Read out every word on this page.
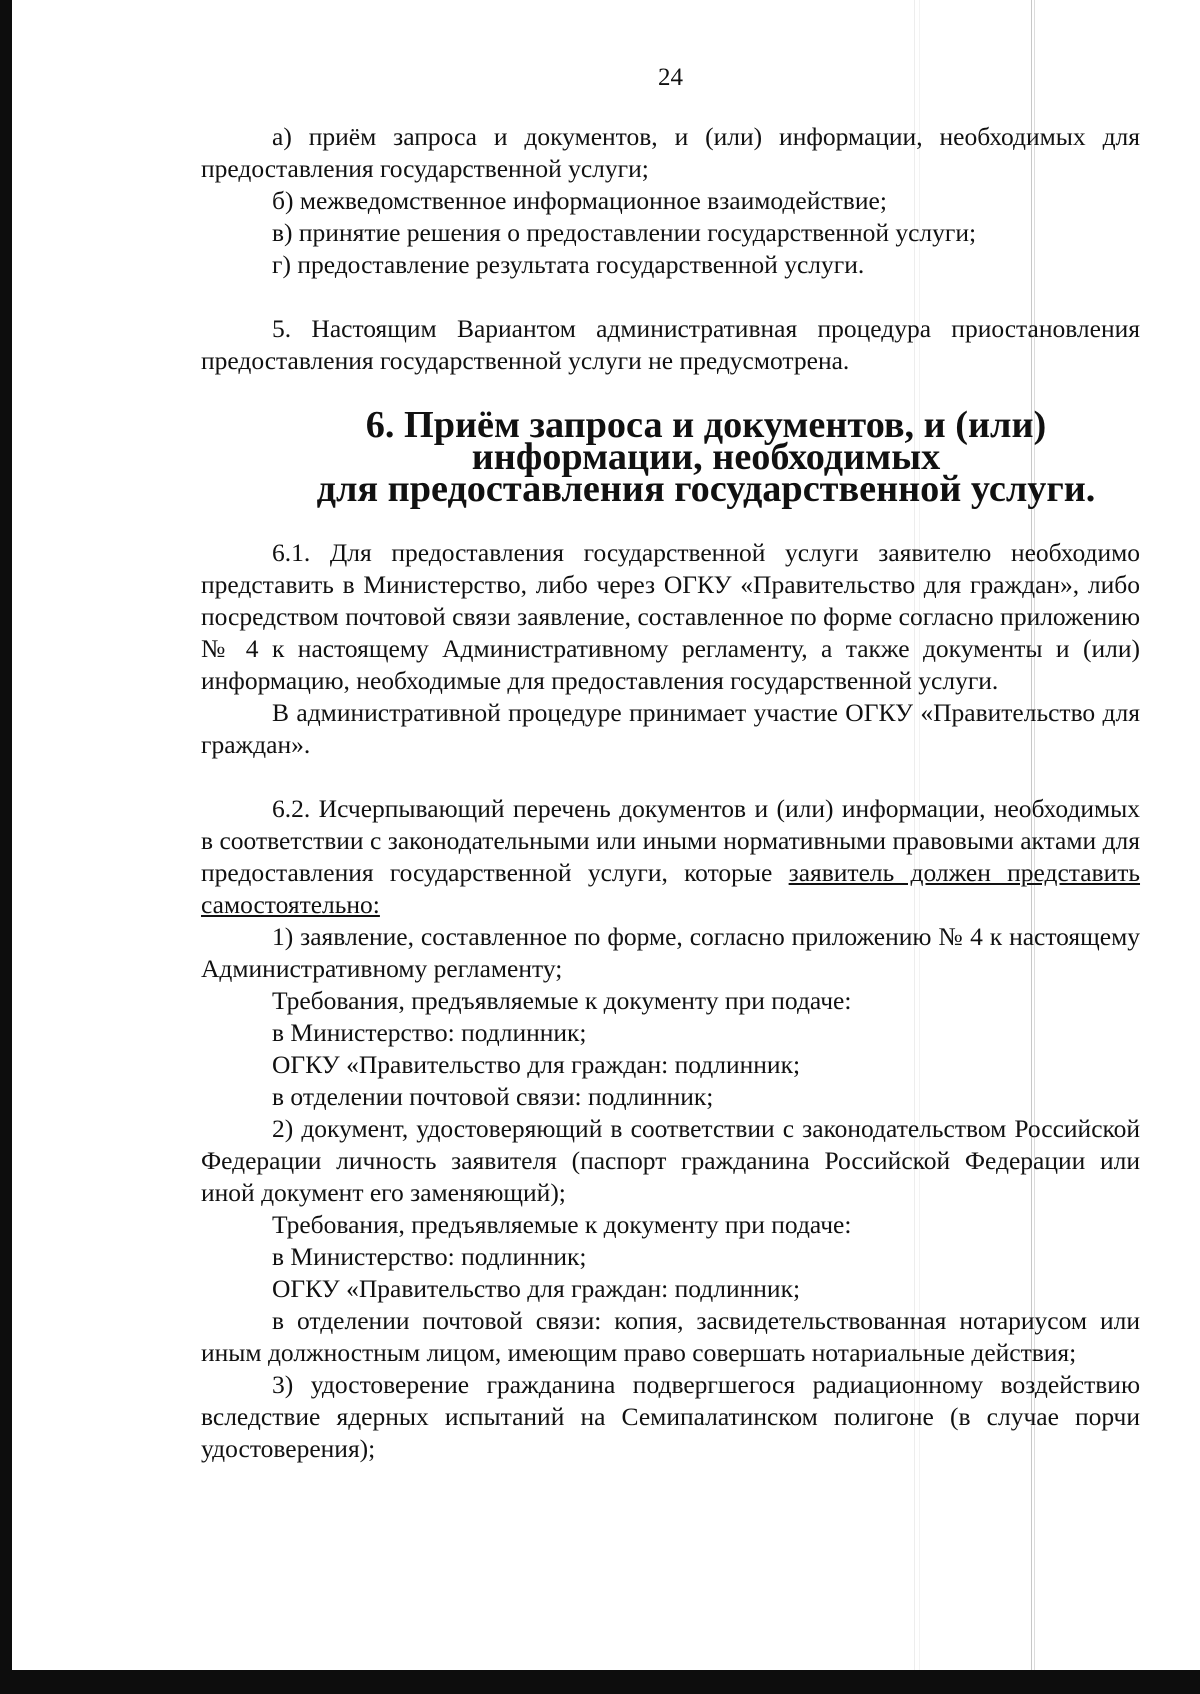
24

а) приём запроса и документов, и (или) информации, необходимых для предоставления государственной услуги;

б) межведомственное информационное взаимодействие;

в) принятие решения о предоставлении государственной услуги;

г) предоставление результата государственной услуги.

5. Настоящим Вариантом административная процедура приостановления предоставления государственной услуги не предусмотрена.

6. Приём запроса и документов, и (или) информации, необходимых
для предоставления государственной услуги.

6.1. Для предоставления государственной услуги заявителю необходимо представить в Министерство, либо через ОГКУ «Правительство для граждан», либо посредством почтовой связи заявление, составленное по форме согласно приложению № 4 к настоящему Административному регламенту, а также документы и (или) информацию, необходимые для предоставления государственной услуги.

В административной процедуре принимает участие ОГКУ «Правительство для граждан».

6.2. Исчерпывающий перечень документов и (или) информации, необходимых в соответствии с законодательными или иными нормативными правовыми актами для предоставления государственной услуги, которые заявитель должен представить самостоятельно:

1) заявление, составленное по форме, согласно приложению № 4 к настоящему Административному регламенту;

Требования, предъявляемые к документу при подаче:

в Министерство: подлинник;

ОГКУ «Правительство для граждан: подлинник;

в отделении почтовой связи: подлинник;

2) документ, удостоверяющий в соответствии с законодательством Российской Федерации личность заявителя (паспорт гражданина Российской Федерации или иной документ его заменяющий);

Требования, предъявляемые к документу при подаче:

в Министерство: подлинник;

ОГКУ «Правительство для граждан: подлинник;

в отделении почтовой связи: копия, засвидетельствованная нотариусом или иным должностным лицом, имеющим право совершать нотариальные действия;

3) удостоверение гражданина подвергшегося радиационному воздействию вследствие ядерных испытаний на Семипалатинском полигоне (в случае порчи удостоверения);
